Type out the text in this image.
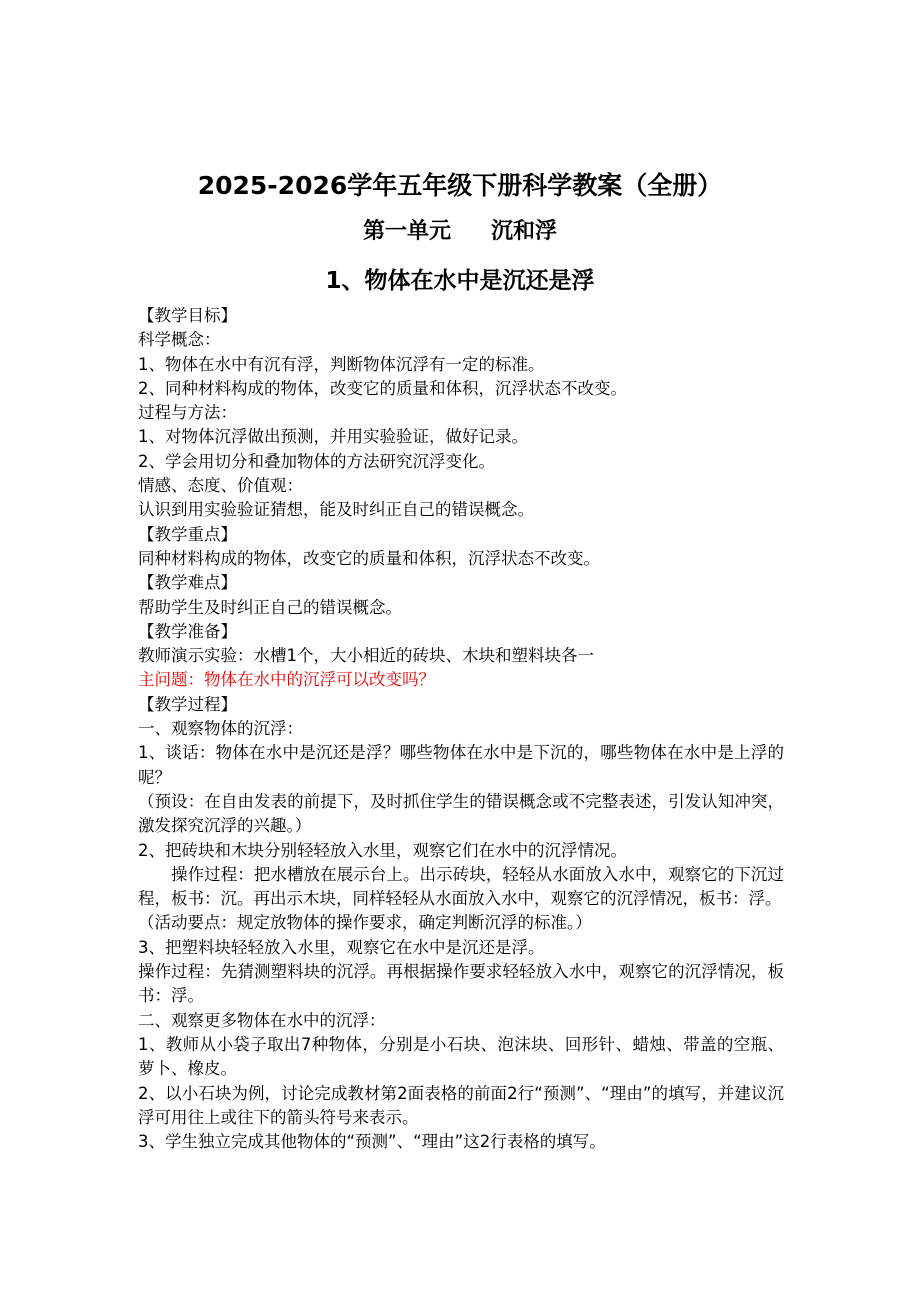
2025-2026学年五年级下册科学教案（全册）
第一单元 沉和浮
1、物体在水中是沉还是浮

【教学目标】

科学概念：

1、物体在水中有沉有浮，判断物体沉浮有一定的标准。

2、同种材料构成的物体，改变它的质量和体积，沉浮状态不改变。

过程与方法：

1、对物体沉浮做出预测，并用实验验证，做好记录。

2、学会用切分和叠加物体的方法研究沉浮变化。

情感、态度、价值观：

认识到用实验验证猜想，能及时纠正自己的错误概念。

【教学重点】

同种材料构成的物体，改变它的质量和体积，沉浮状态不改变。

【教学难点】

帮助学生及时纠正自己的错误概念。

【教学准备】

教师演示实验：水槽1个，大小相近的砖块、木块和塑料块各一

主问题：物体在水中的沉浮可以改变吗？

【教学过程】

一、观察物体的沉浮：

1、谈话：物体在水中是沉还是浮？哪些物体在水中是下沉的，哪些物体在水中是上浮的呢？

（预设：在自由发表的前提下，及时抓住学生的错误概念或不完整表述，引发认知冲突，激发探究沉浮的兴趣。）

2、把砖块和木块分别轻轻放入水里，观察它们在水中的沉浮情况。

操作过程：把水槽放在展示台上。出示砖块，轻轻从水面放入水中，观察它的下沉过程，板书：沉。再出示木块，同样轻轻从水面放入水中，观察它的沉浮情况，板书：浮。

（活动要点：规定放物体的操作要求，确定判断沉浮的标准。）

3、把塑料块轻轻放入水里，观察它在水中是沉还是浮。

操作过程：先猜测塑料块的沉浮。再根据操作要求轻轻放入水中，观察它的沉浮情况，板书：浮。

二、观察更多物体在水中的沉浮：

1、教师从小袋子取出7种物体，分别是小石块、泡沫块、回形针、蜡烛、带盖的空瓶、萝卜、橡皮。

2、以小石块为例，讨论完成教材第2面表格的前面2行“预测”、“理由”的填写，并建议沉浮可用往上或往下的箭头符号来表示。

3、学生独立完成其他物体的“预测”、“理由”这2行表格的填写。
